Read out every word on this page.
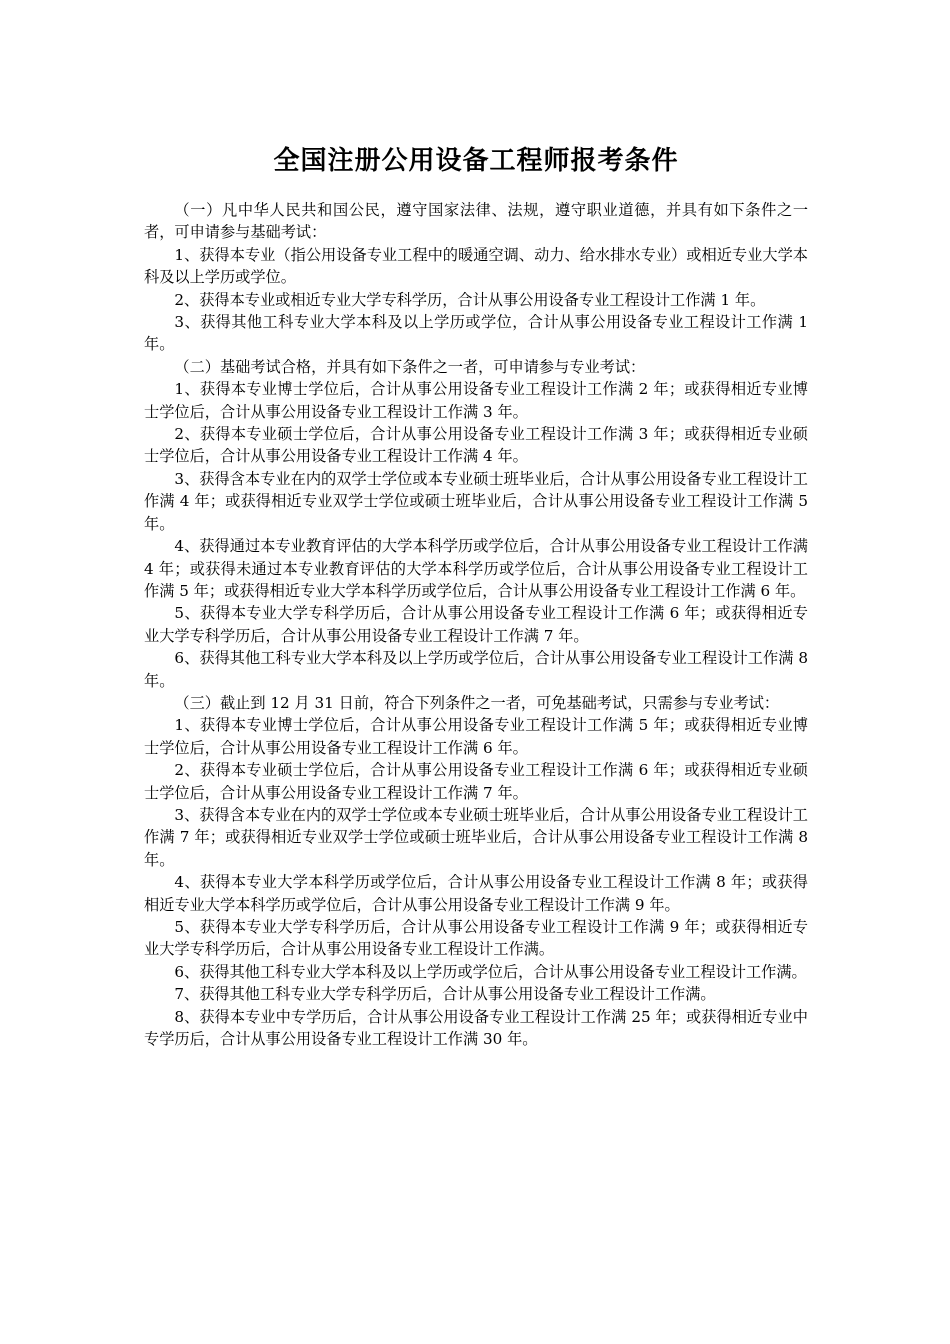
全国注册公用设备工程师报考条件

（一）凡中华人民共和国公民，遵守国家法律、法规，遵守职业道德，并具有如下条件之一者，可申请参与基础考试：

1、获得本专业（指公用设备专业工程中的暖通空调、动力、给水排水专业）或相近专业大学本科及以上学历或学位。

2、获得本专业或相近专业大学专科学历，合计从事公用设备专业工程设计工作满 1 年。

3、获得其他工科专业大学本科及以上学历或学位，合计从事公用设备专业工程设计工作满 1 年。

（二）基础考试合格，并具有如下条件之一者，可申请参与专业考试：

1、获得本专业博士学位后，合计从事公用设备专业工程设计工作满 2 年；或获得相近专业博士学位后，合计从事公用设备专业工程设计工作满 3 年。

2、获得本专业硕士学位后，合计从事公用设备专业工程设计工作满 3 年；或获得相近专业硕士学位后，合计从事公用设备专业工程设计工作满 4 年。

3、获得含本专业在内的双学士学位或本专业硕士班毕业后，合计从事公用设备专业工程设计工作满 4 年；或获得相近专业双学士学位或硕士班毕业后，合计从事公用设备专业工程设计工作满 5 年。

4、获得通过本专业教育评估的大学本科学历或学位后，合计从事公用设备专业工程设计工作满 4 年；或获得未通过本专业教育评估的大学本科学历或学位后，合计从事公用设备专业工程设计工作满 5 年；或获得相近专业大学本科学历或学位后，合计从事公用设备专业工程设计工作满 6 年。

5、获得本专业大学专科学历后，合计从事公用设备专业工程设计工作满 6 年；或获得相近专业大学专科学历后，合计从事公用设备专业工程设计工作满 7 年。

6、获得其他工科专业大学本科及以上学历或学位后，合计从事公用设备专业工程设计工作满 8 年。

（三）截止到 12 月 31 日前，符合下列条件之一者，可免基础考试，只需参与专业考试：

1、获得本专业博士学位后，合计从事公用设备专业工程设计工作满 5 年；或获得相近专业博士学位后，合计从事公用设备专业工程设计工作满 6 年。

2、获得本专业硕士学位后，合计从事公用设备专业工程设计工作满 6 年；或获得相近专业硕士学位后，合计从事公用设备专业工程设计工作满 7 年。

3、获得含本专业在内的双学士学位或本专业硕士班毕业后，合计从事公用设备专业工程设计工作满 7 年；或获得相近专业双学士学位或硕士班毕业后，合计从事公用设备专业工程设计工作满 8 年。

4、获得本专业大学本科学历或学位后，合计从事公用设备专业工程设计工作满 8 年；或获得相近专业大学本科学历或学位后，合计从事公用设备专业工程设计工作满 9 年。

5、获得本专业大学专科学历后，合计从事公用设备专业工程设计工作满 9 年；或获得相近专业大学专科学历后，合计从事公用设备专业工程设计工作满。

6、获得其他工科专业大学本科及以上学历或学位后，合计从事公用设备专业工程设计工作满。

7、获得其他工科专业大学专科学历后，合计从事公用设备专业工程设计工作满。

8、获得本专业中专学历后，合计从事公用设备专业工程设计工作满 25 年；或获得相近专业中专学历后，合计从事公用设备专业工程设计工作满 30 年。
